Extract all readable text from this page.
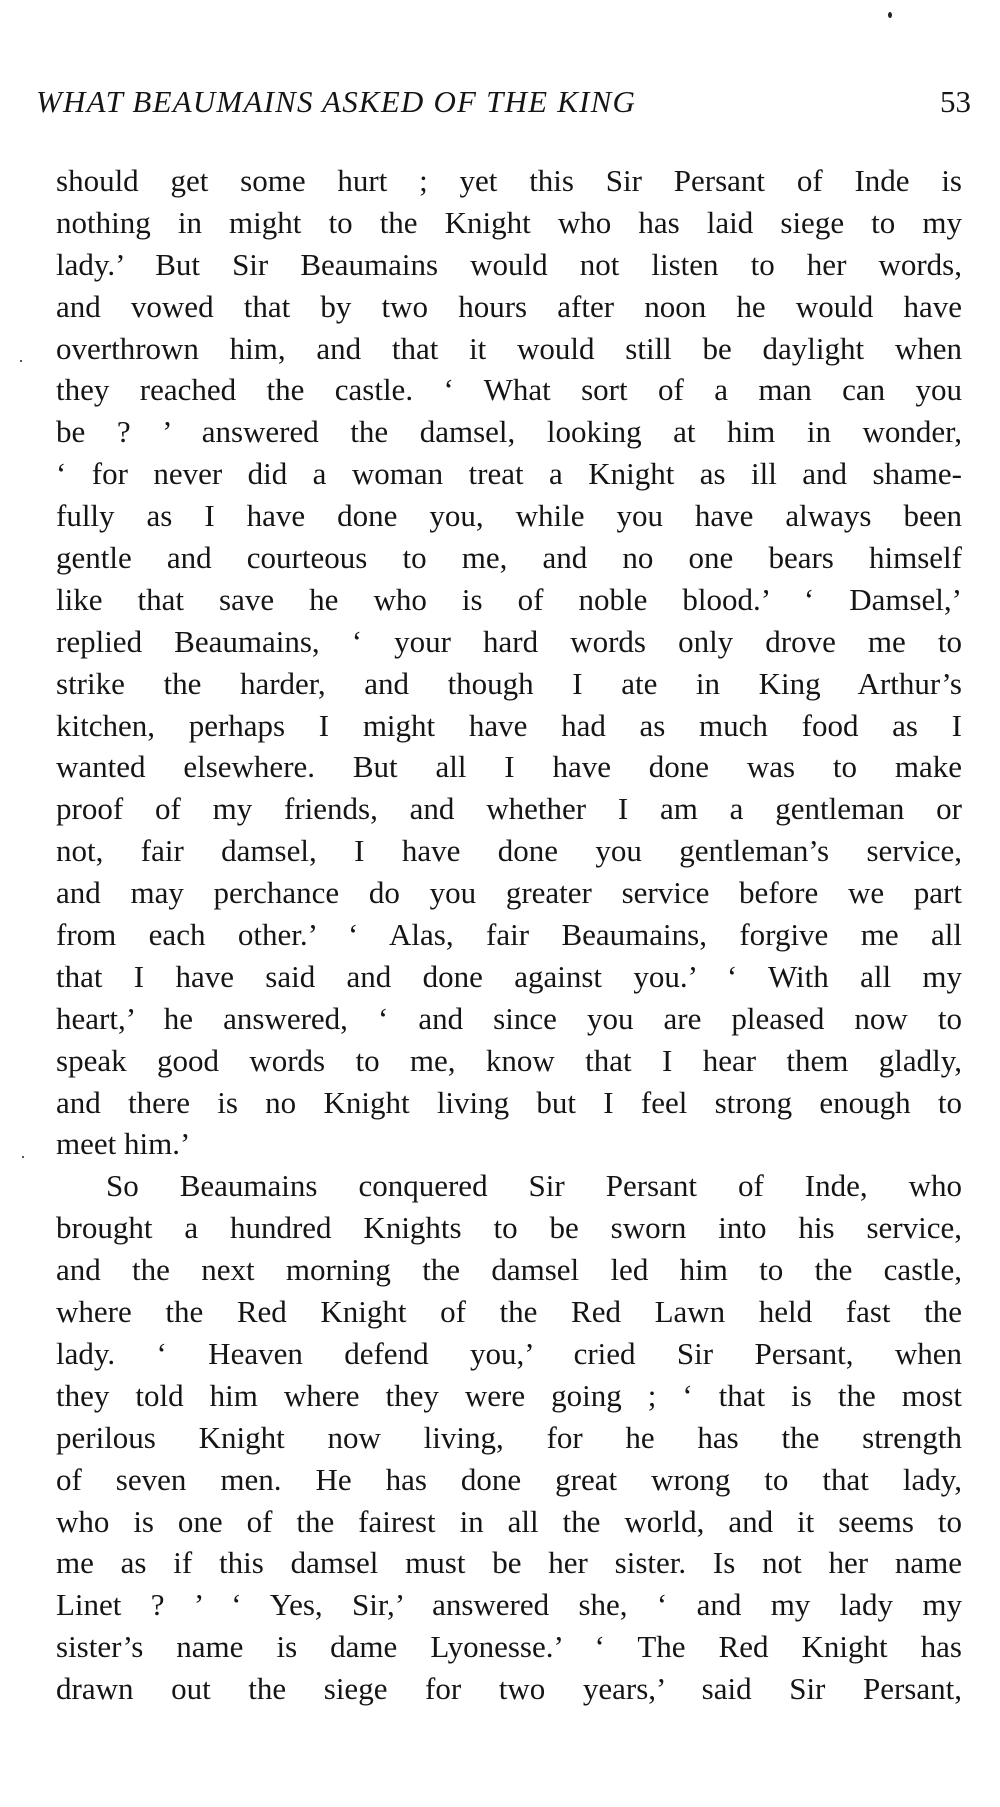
WHAT BEAUMAINS ASKED OF THE KING	53
should get some hurt ; yet this Sir Persant of Inde is
nothing in might to the Knight who has laid siege to my
lady.’ But Sir Beaumains would not listen to her words,
and vowed that by two hours after noon he would have
overthrown him, and that it would still be daylight when
they reached the castle. ‘ What sort of a man can you
be ? ’ answered the damsel, looking at him in wonder,
‘ for never did a woman treat a Knight as ill and shame-
fully as I have done you, while you have always been
gentle and courteous to me, and no one bears himself
like that save he who is of noble blood.’ ‘ Damsel,’
replied Beaumains, ‘ your hard words only drove me to
strike the harder, and though I ate in King Arthur’s
kitchen, perhaps I might have had as much food as I
wanted elsewhere. But all I have done was to make
proof of my friends, and whether I am a gentleman or
not, fair damsel, I have done you gentleman’s service,
and may perchance do you greater service before we part
from each other.’ ‘ Alas, fair Beaumains, forgive me all
that I have said and done against you.’ ‘ With all my
heart,’ he answered, ‘ and since you are pleased now to
speak good words to me, know that I hear them gladly,
and there is no Knight living but I feel strong enough to
meet him.’
So Beaumains conquered Sir Persant of Inde, who
brought a hundred Knights to be sworn into his service,
and the next morning the damsel led him to the castle,
where the Red Knight of the Red Lawn held fast the
lady. ‘ Heaven defend you,’ cried Sir Persant, when
they told him where they were going ; ‘ that is the most
perilous Knight now living, for he has the strength
of seven men. He has done great wrong to that lady,
who is one of the fairest in all the world, and it seems to
me as if this damsel must be her sister. Is not her name
Linet ? ’ ‘ Yes, Sir,’ answered she, ‘ and my lady my
sister’s name is dame Lyonesse.’ ‘ The Red Knight has
drawn out the siege for two years,’ said Sir Persant,
